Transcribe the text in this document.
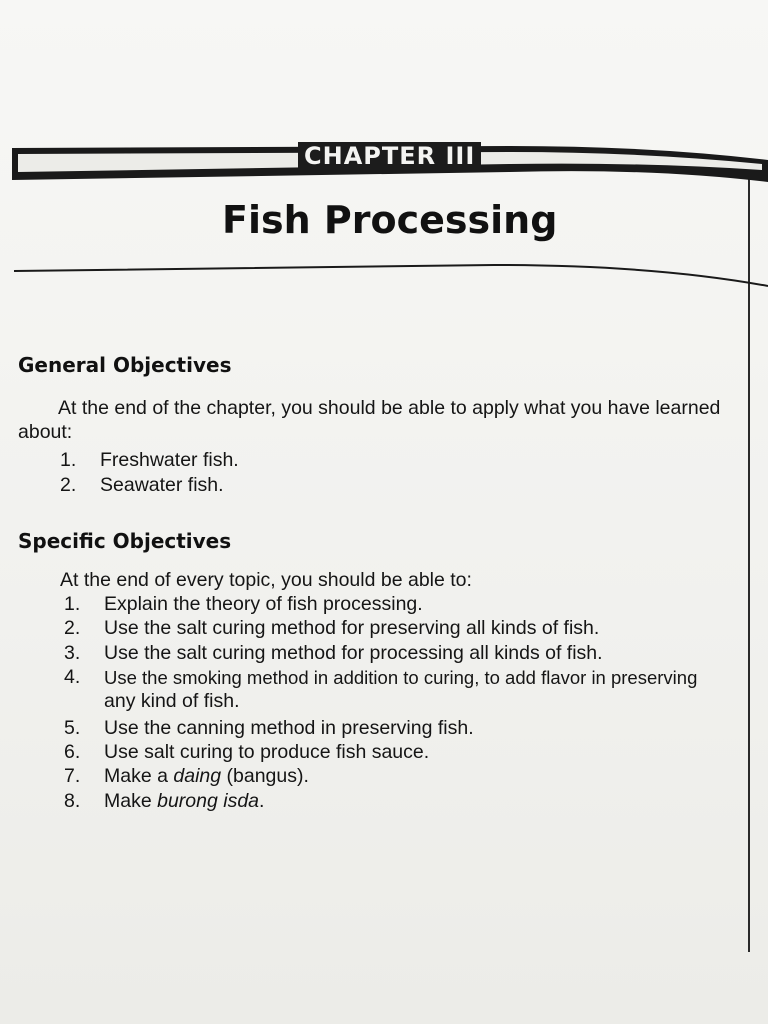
CHAPTER III
Fish Processing
General Objectives
At the end of the chapter, you should be able to apply what you have learned
about:
1.	Freshwater fish.
2.	Seawater fish.
Specific Objectives
At the end of every topic, you should be able to:
1.	Explain the theory of fish processing.
2.	Use the salt curing method for preserving all kinds of fish.
3.	Use the salt curing method for processing all kinds of fish.
4.	Use the smoking method in addition to curing, to add flavor in preserving
any kind of fish.
5.	Use the canning method in preserving fish.
6.	Use salt curing to produce fish sauce.
7.	Make a daing (bangus).
8.	Make burong isda.
